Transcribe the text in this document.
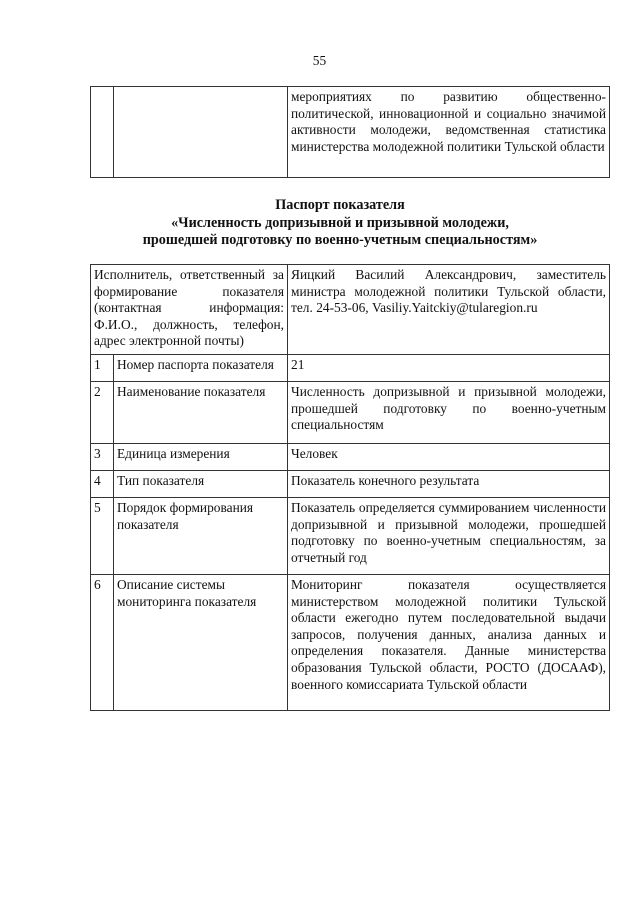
55
		мероприятиях по развитию общественно-политической, инновационной и социально значимой активности молодежи, ведомственная статистика министерства молодежной политики Тульской области
Паспорт показателя
«Численность допризывной и призывной молодежи,
прошедшей подготовку по военно-учетным специальностям»
Исполнитель, ответственный за формирование показателя (контактная информация: Ф.И.О., должность, телефон, адрес электронной почты)		Яицкий Василий Александрович, заместитель министра молодежной политики Тульской области, тел. 24-53-06, Vasiliy.Yaitckiy@tularegion.ru
1	Номер паспорта показателя	21
2	Наименование показателя	Численность допризывной и призывной молодежи, прошедшей подготовку по военно-учетным специальностям
3	Единица измерения	Человек
4	Тип показателя	Показатель конечного результата
5	Порядок формирования показателя	Показатель определяется суммированием численности допризывной и призывной молодежи, прошедшей подготовку по военно-учетным специальностям, за отчетный год
6	Описание системы мониторинга показателя	Мониторинг показателя осуществляется министерством молодежной политики Тульской области ежегодно путем последовательной выдачи запросов, получения данных, анализа данных и определения показателя. Данные министерства образования Тульской области, РОСТО (ДОСААФ), военного комиссариата Тульской области
